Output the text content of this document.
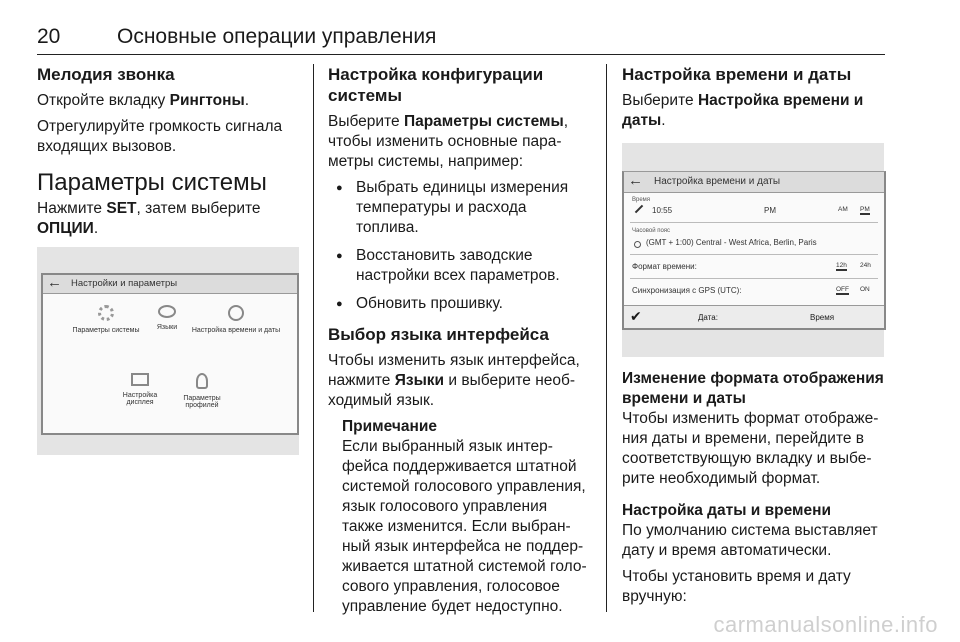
20	Основные операции управления
Мелодия звонка

Откройте вкладку Рингтоны.

Отрегулируйте громкость сигнала входящих вызовов.

Параметры системы

Нажмите SET, затем выберите
ОПЦИИ.

← Настройки и параметры
Параметры системы	Языки	Настройка времени и даты
Настройка дисплея
Параметры профилей
Настройка конфигурации системы

Выберите Параметры системы, чтобы изменить основные пара-метры системы, например:

● Выбрать единицы измерения температуры и расхода топлива.
● Восстановить заводские настройки всех параметров.
● Обновить прошивку.
Выбор языка интерфейса

Чтобы изменить язык интерфейса, нажмите Языки и выберите необ-ходимый язык.

Примечание

Если выбранный язык интер-фейса поддерживается штатной системой голосового управления, язык голосового управления также изменится. Если выбран-ный язык интерфейса не поддер-живается штатной системой голо-сового управления, голосовое управление будет недоступно.

Настройка времени и даты

Выберите Настройка времени и даты.

← Настройка времени и даты
Время
10:55	PM	AM PM
Часовой пояс
(GMT + 1:00) Central - West Africa, Berlin, Paris
Формат времени:	12h 24h
Синхронизация с GPS (UTC):	OFF ON
✔	Дата:	Время
Изменение формата отображения времени и даты

Чтобы изменить формат отображе-ния даты и времени, перейдите в соответствующую вкладку и выбе-рите необходимый формат.

Настройка даты и времени

По умолчанию система выставляет дату и время автоматически.

Чтобы установить время и дату вручную:

carmanualsonline.info
